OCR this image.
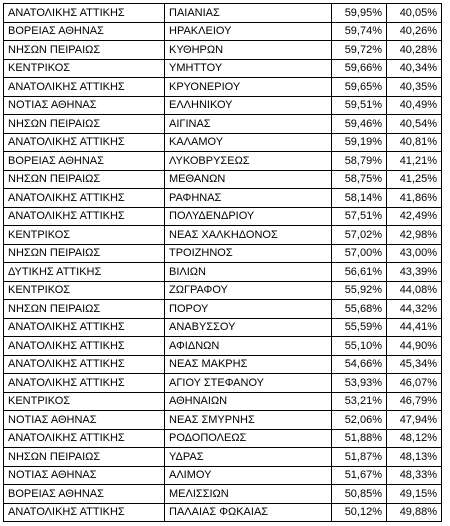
ΑΝΑΤΟΛΙΚΗΣ ΑΤΤΙΚΗΣ	ΠΑΙΑΝΙΑΣ	59,95%	40,05%
ΒΟΡΕΙΑΣ ΑΘΗΝΑΣ	ΗΡΑΚΛΕΙΟΥ	59,74%	40,26%
ΝΗΣΩΝ ΠΕΙΡΑΙΩΣ	ΚΥΘΗΡΩΝ	59,72%	40,28%
ΚΕΝΤΡΙΚΟΣ	ΥΜΗΤΤΟΥ	59,66%	40,34%
ΑΝΑΤΟΛΙΚΗΣ ΑΤΤΙΚΗΣ	ΚΡΥΟΝΕΡΙΟΥ	59,65%	40,35%
ΝΟΤΙΑΣ ΑΘΗΝΑΣ	ΕΛΛΗΝΙΚΟΥ	59,51%	40,49%
ΝΗΣΩΝ ΠΕΙΡΑΙΩΣ	ΑΙΓΙΝΑΣ	59,46%	40,54%
ΑΝΑΤΟΛΙΚΗΣ ΑΤΤΙΚΗΣ	ΚΑΛΑΜΟΥ	59,19%	40,81%
ΒΟΡΕΙΑΣ ΑΘΗΝΑΣ	ΛΥΚΟΒΡΥΣΕΩΣ	58,79%	41,21%
ΝΗΣΩΝ ΠΕΙΡΑΙΩΣ	ΜΕΘΑΝΩΝ	58,75%	41,25%
ΑΝΑΤΟΛΙΚΗΣ ΑΤΤΙΚΗΣ	ΡΑΦΗΝΑΣ	58,14%	41,86%
ΑΝΑΤΟΛΙΚΗΣ ΑΤΤΙΚΗΣ	ΠΟΛΥΔΕΝΔΡΙΟΥ	57,51%	42,49%
ΚΕΝΤΡΙΚΟΣ	ΝΕΑΣ ΧΑΛΚΗΔΟΝΟΣ	57,02%	42,98%
ΝΗΣΩΝ ΠΕΙΡΑΙΩΣ	ΤΡΟΙΖΗΝΟΣ	57,00%	43,00%
ΔΥΤΙΚΗΣ ΑΤΤΙΚΗΣ	ΒΙΛΙΩΝ	56,61%	43,39%
ΚΕΝΤΡΙΚΟΣ	ΖΩΓΡΑΦΟΥ	55,92%	44,08%
ΝΗΣΩΝ ΠΕΙΡΑΙΩΣ	ΠΟΡΟΥ	55,68%	44,32%
ΑΝΑΤΟΛΙΚΗΣ ΑΤΤΙΚΗΣ	ΑΝΑΒΥΣΣΟΥ	55,59%	44,41%
ΑΝΑΤΟΛΙΚΗΣ ΑΤΤΙΚΗΣ	ΑΦΙΔΝΩΝ	55,10%	44,90%
ΑΝΑΤΟΛΙΚΗΣ ΑΤΤΙΚΗΣ	ΝΕΑΣ ΜΑΚΡΗΣ	54,66%	45,34%
ΑΝΑΤΟΛΙΚΗΣ ΑΤΤΙΚΗΣ	ΑΓΙΟΥ ΣΤΕΦΑΝΟΥ	53,93%	46,07%
ΚΕΝΤΡΙΚΟΣ	ΑΘΗΝΑΙΩΝ	53,21%	46,79%
ΝΟΤΙΑΣ ΑΘΗΝΑΣ	ΝΕΑΣ ΣΜΥΡΝΗΣ	52,06%	47,94%
ΑΝΑΤΟΛΙΚΗΣ ΑΤΤΙΚΗΣ	ΡΟΔΟΠΟΛΕΩΣ	51,88%	48,12%
ΝΗΣΩΝ ΠΕΙΡΑΙΩΣ	ΥΔΡΑΣ	51,87%	48,13%
ΝΟΤΙΑΣ ΑΘΗΝΑΣ	ΑΛΙΜΟΥ	51,67%	48,33%
ΒΟΡΕΙΑΣ ΑΘΗΝΑΣ	ΜΕΛΙΣΣΙΩΝ	50,85%	49,15%
ΑΝΑΤΟΛΙΚΗΣ ΑΤΤΙΚΗΣ	ΠΑΛΑΙΑΣ ΦΩΚΑΙΑΣ	50,12%	49,88%
